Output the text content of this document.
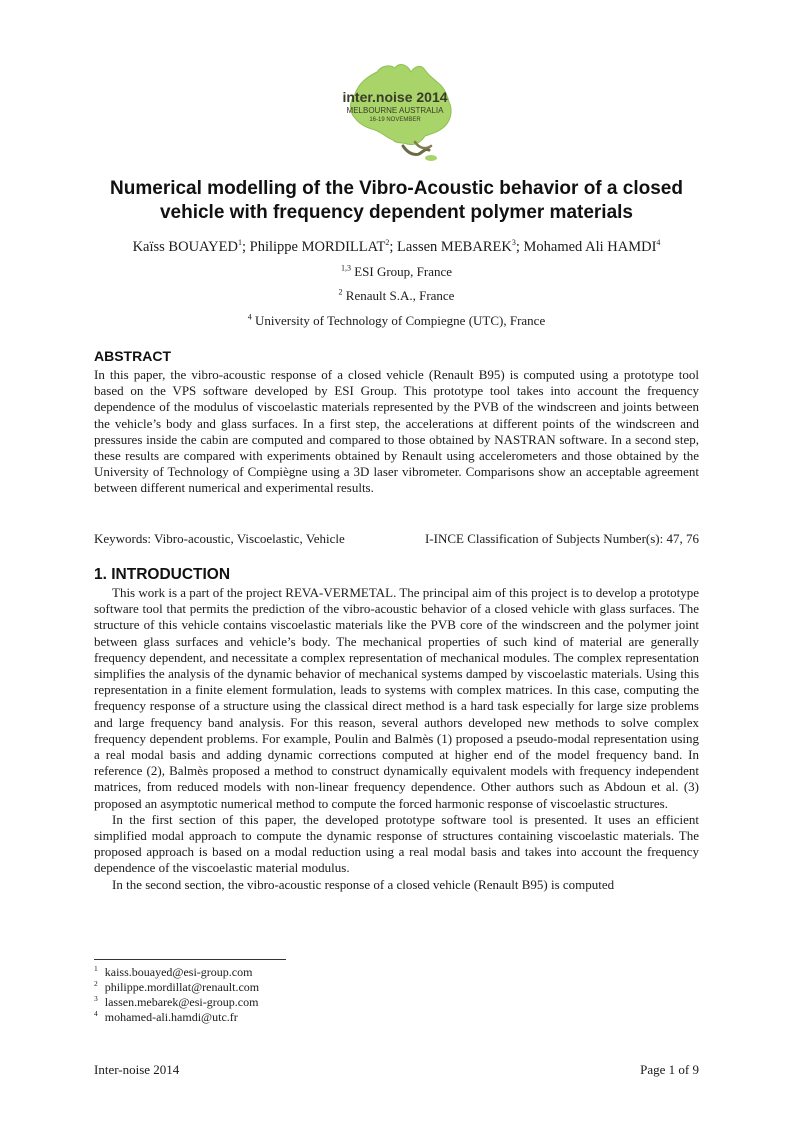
inter.noise 2014
MELBOURNE AUSTRALIA
16-19 NOVEMBER
Numerical modelling of the Vibro-Acoustic behavior of a closed vehicle with frequency dependent polymer materials

Kaïss BOUAYED$^1$; Philippe MORDILLAT$^2$; Lassen MEBAREK$^3$; Mohamed Ali HAMDI$^4$

$^{1,3}$ ESI Group, France

$^2$ Renault S.A., France

$^4$ University of Technology of Compiegne (UTC), France

ABSTRACT

In this paper, the vibro-acoustic response of a closed vehicle (Renault B95) is computed using a prototype tool based on the VPS software developed by ESI Group. This prototype tool takes into account the frequency dependence of the modulus of viscoelastic materials represented by the PVB of the windscreen and joints between the vehicle’s body and glass surfaces. In a first step, the accelerations at different points of the windscreen and pressures inside the cabin are computed and compared to those obtained by NASTRAN software. In a second step, these results are compared with experiments obtained by Renault using accelerometers and those obtained by the University of Technology of Compiègne using a 3D laser vibrometer. Comparisons show an acceptable agreement between different numerical and experimental results.

Keywords: Vibro-acoustic, Viscoelastic, Vehicle	I-INCE Classification of Subjects Number(s): 47, 76
1. INTRODUCTION

This work is a part of the project REVA-VERMETAL. The principal aim of this project is to develop a prototype software tool that permits the prediction of the vibro-acoustic behavior of a closed vehicle with glass surfaces. The structure of this vehicle contains viscoelastic materials like the PVB core of the windscreen and the polymer joint between glass surfaces and vehicle’s body. The mechanical properties of such kind of material are generally frequency dependent, and necessitate a complex representation of mechanical modules. The complex representation simplifies the analysis of the dynamic behavior of mechanical systems damped by viscoelastic materials. Using this representation in a finite element formulation, leads to systems with complex matrices. In this case, computing the frequency response of a structure using the classical direct method is a hard task especially for large size problems and large frequency band analysis. For this reason, several authors developed new methods to solve complex frequency dependent problems. For example, Poulin and Balmès (1) proposed a pseudo-modal representation using a real modal basis and adding dynamic corrections computed at higher end of the model frequency band. In reference (2), Balmès proposed a method to construct dynamically equivalent models with frequency independent matrices, from reduced models with non-linear frequency dependence. Other authors such as Abdoun et al. (3) proposed an asymptotic numerical method to compute the forced harmonic response of viscoelastic structures.

In the first section of this paper, the developed prototype software tool is presented. It uses an efficient simplified modal approach to compute the dynamic response of structures containing viscoelastic materials. The proposed approach is based on a modal reduction using a real modal basis and takes into account the frequency dependence of the viscoelastic material modulus.

In the second section, the vibro-acoustic response of a closed vehicle (Renault B95) is computed

$^1$ kaiss.bouayed@esi-group.com
$^2$ philippe.mordillat@renault.com
$^3$ lassen.mebarek@esi-group.com
$^4$ mohamed-ali.hamdi@utc.fr
Inter-noise 2014	Page 1 of 9
